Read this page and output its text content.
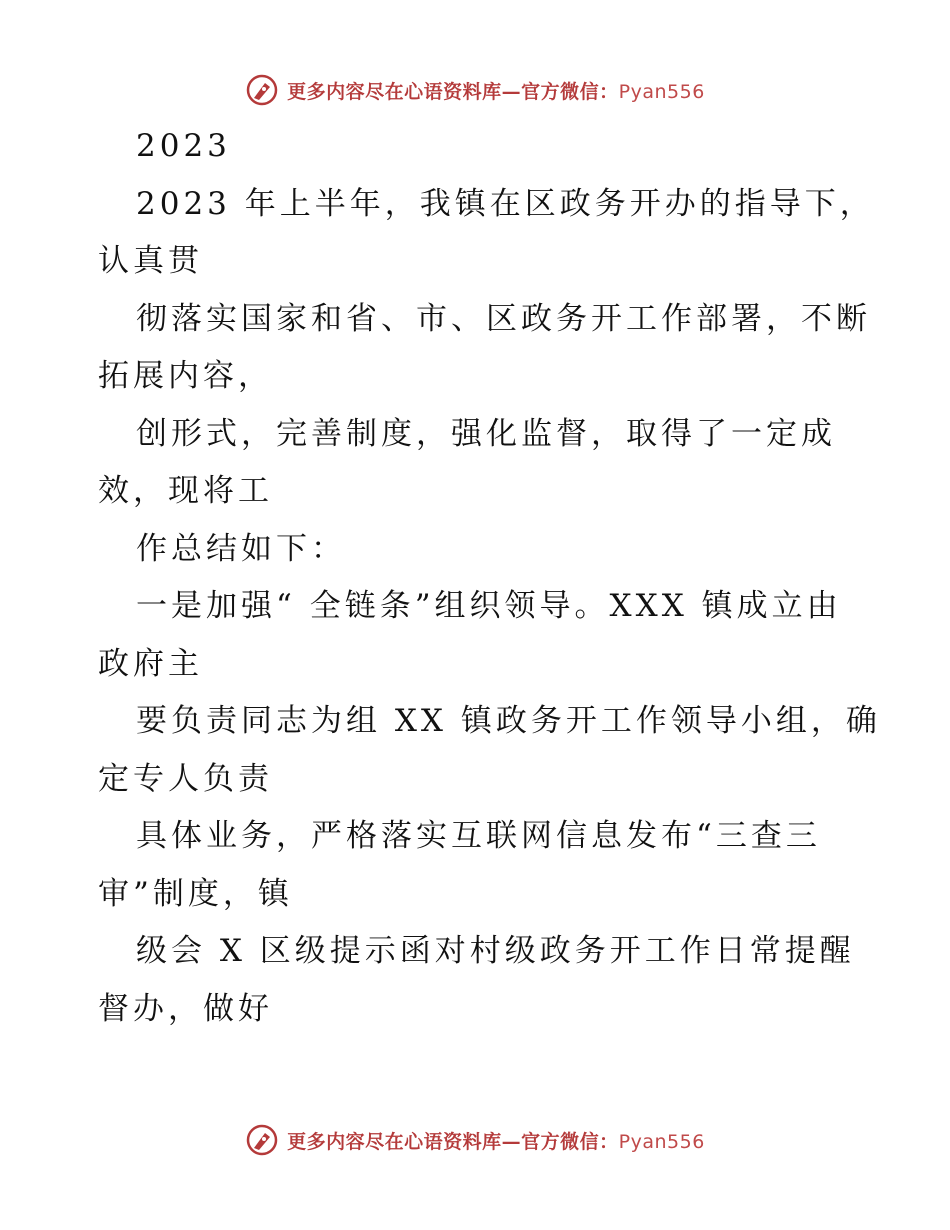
更多内容尽在心语资料库—官方微信：Pyan556
2023
2023 年上半年，我镇在区政务开办的指导下，
认真贯
彻落实国家和省、市、区政务开工作部署，不断
拓展内容，
创形式，完善制度，强化监督，取得了一定成
效，现将工
作总结如下：
一是加强“ 全链条”组织领导。XXX 镇成立由
政府主
要负责同志为组 XX 镇政务开工作领导小组，确
定专人负责
具体业务，严格落实互联网信息发布“三查三
审”制度，镇
级会 X 区级提示函对村级政务开工作日常提醒
督办，做好
更多内容尽在心语资料库—官方微信：Pyan556
